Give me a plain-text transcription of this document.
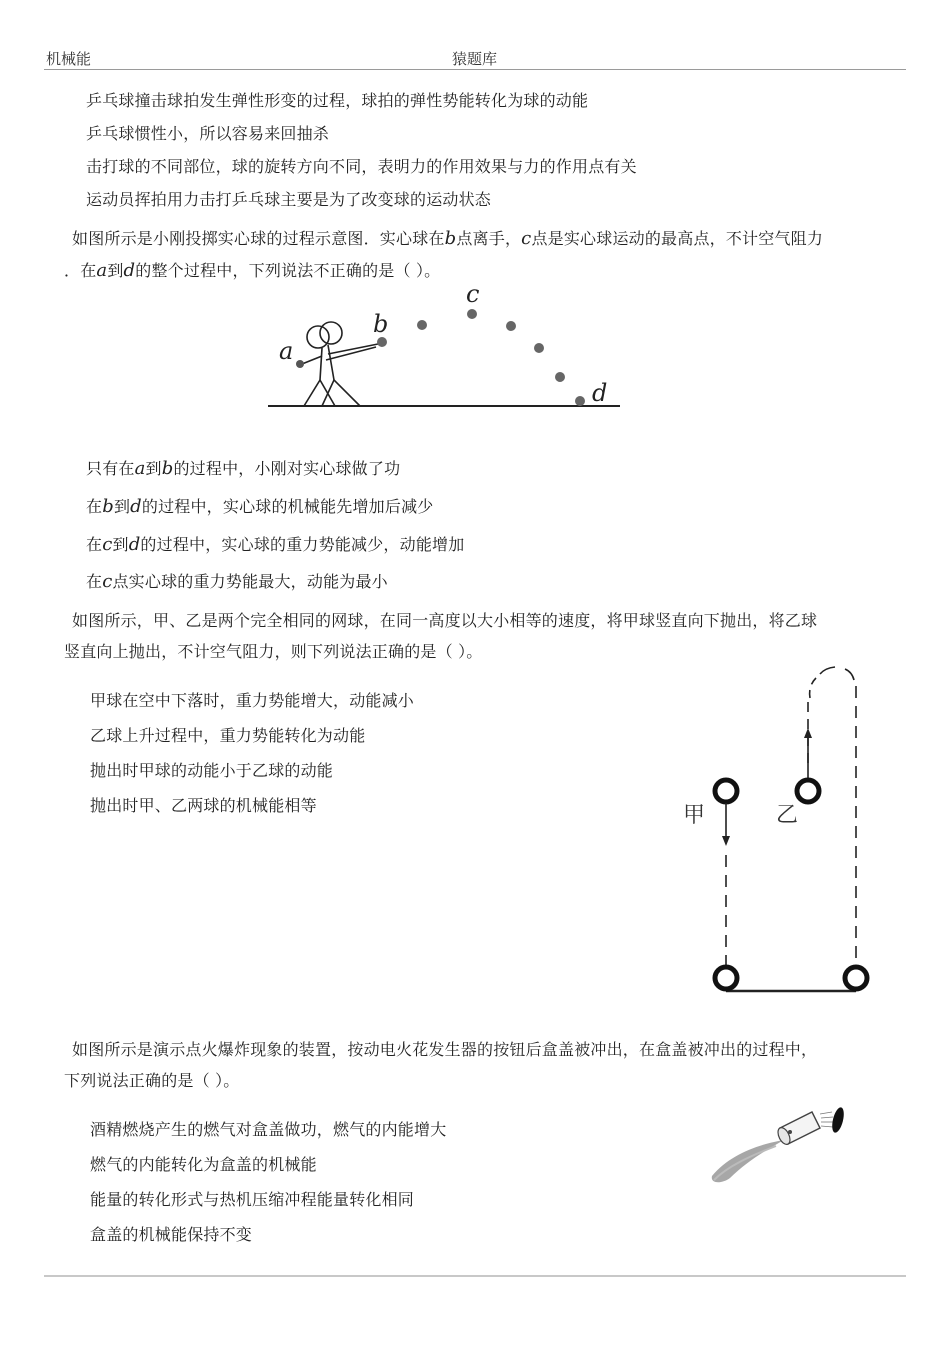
机械能	猿题库
乒乓球撞击球拍发生弹性形变的过程，球拍的弹性势能转化为球的动能
乒乓球惯性小，所以容易来回抽杀
击打球的不同部位，球的旋转方向不同，表明力的作用效果与力的作用点有关
运动员挥拍用力击打乒乓球主要是为了改变球的运动状态
如图所示是小刚投掷实心球的过程示意图．实心球在b点离手，c点是实心球运动的最高点，不计空气阻力
．在a到d的整个过程中，下列说法不正确的是（ ）。
a
b
c
d
只有在a到b的过程中，小刚对实心球做了功
在b到d的过程中，实心球的机械能先增加后减少
在c到d的过程中，实心球的重力势能减少，动能增加
在c点实心球的重力势能最大，动能为最小
如图所示，甲、乙是两个完全相同的网球，在同一高度以大小相等的速度，将甲球竖直向下抛出，将乙球
竖直向上抛出，不计空气阻力，则下列说法正确的是（ ）。
甲球在空中下落时，重力势能增大，动能减小
乙球上升过程中，重力势能转化为动能
抛出时甲球的动能小于乙球的动能
抛出时甲、乙两球的机械能相等	甲	乙
如图所示是演示点火爆炸现象的装置，按动电火花发生器的按钮后盒盖被冲出，在盒盖被冲出的过程中，
下列说法正确的是（ ）。
酒精燃烧产生的燃气对盒盖做功，燃气的内能增大
燃气的内能转化为盒盖的机械能
能量的转化形式与热机压缩冲程能量转化相同
盒盖的机械能保持不变
